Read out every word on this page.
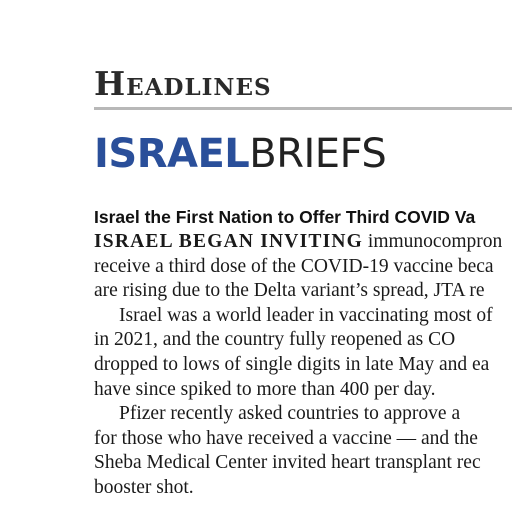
Headlines
ISRAELBRIEFS

Israel the First Nation to Offer Third COVID Va

ISRAEL BEGAN INVITING immunocompron

receive a third dose of the COVID-19 vaccine beca

are rising due to the Delta variant’s spread, JTA re

Israel was a world leader in vaccinating most of

in 2021, and the country fully reopened as CO

dropped to lows of single digits in late May and ea

have since spiked to more than 400 per day.

Pfizer recently asked countries to approve a

for those who have received a vaccine — and the

Sheba Medical Center invited heart transplant rec

booster shot.
